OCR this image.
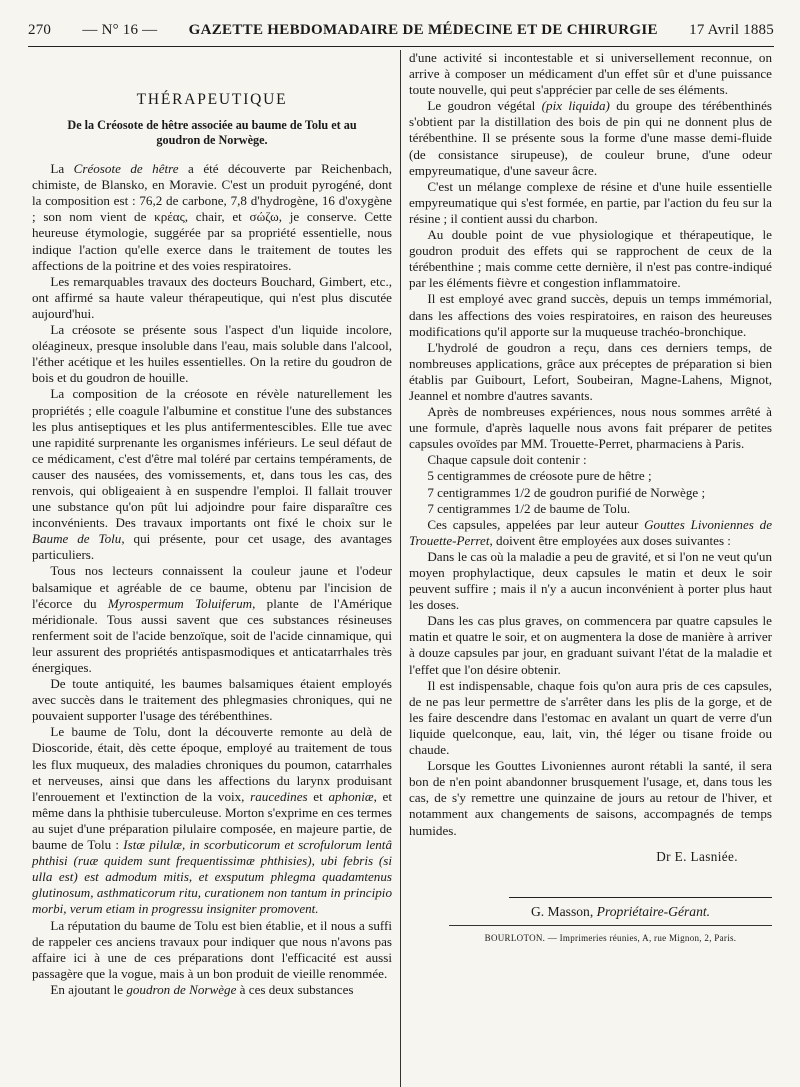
270 — N° 16 — GAZETTE HEBDOMADAIRE DE MÉDECINE ET DE CHIRURGIE 17 Avril 1885
THÉRAPEUTIQUE
De la Créosote de hêtre associée au baume de Tolu et au goudron de Norwège.

La Créosote de hêtre a été découverte par Reichenbach, chimiste, de Blansko, en Moravie. C'est un produit pyrogéné, dont la composition est : 76,2 de carbone, 7,8 d'hydrogène, 16 d'oxygène ; son nom vient de κρέας, chair, et σώζω, je conserve. Cette heureuse étymologie, suggérée par sa propriété essentielle, nous indique l'action qu'elle exerce dans le traitement de toutes les affections de la poitrine et des voies respiratoires.

Les remarquables travaux des docteurs Bouchard, Gimbert, etc., ont affirmé sa haute valeur thérapeutique, qui n'est plus discutée aujourd'hui.

La créosote se présente sous l'aspect d'un liquide incolore, oléagineux, presque insoluble dans l'eau, mais soluble dans l'alcool, l'éther acétique et les huiles essentielles. On la retire du goudron de bois et du goudron de houille.

La composition de la créosote en révèle naturellement les propriétés ; elle coagule l'albumine et constitue l'une des substances les plus antiseptiques et les plus antifermentescibles. Elle tue avec une rapidité surprenante les organismes inférieurs. Le seul défaut de ce médicament, c'est d'être mal toléré par certains tempéraments, de causer des nausées, des vomissements, et, dans tous les cas, des renvois, qui obligeaient à en suspendre l'emploi. Il fallait trouver une substance qu'on pût lui adjoindre pour faire disparaître ces inconvénients. Des travaux importants ont fixé le choix sur le Baume de Tolu, qui présente, pour cet usage, des avantages particuliers.

Tous nos lecteurs connaissent la couleur jaune et l'odeur balsamique et agréable de ce baume, obtenu par l'incision de l'écorce du Myrospermum Toluiferum, plante de l'Amérique méridionale. Tous aussi savent que ces substances résineuses renferment soit de l'acide benzoïque, soit de l'acide cinnamique, qui leur assurent des propriétés antispasmodiques et anticatarrhales très énergiques.

De toute antiquité, les baumes balsamiques étaient employés avec succès dans le traitement des phlegmasies chroniques, qui ne pouvaient supporter l'usage des térébenthines.

Le baume de Tolu, dont la découverte remonte au delà de Dioscoride, était, dès cette époque, employé au traitement de tous les flux muqueux, des maladies chroniques du poumon, catarrhales et nerveuses, ainsi que dans les affections du larynx produisant l'enrouement et l'extinction de la voix, raucedines et aphoniæ, et même dans la phthisie tuberculeuse. Morton s'exprime en ces termes au sujet d'une préparation pilulaire composée, en majeure partie, de baume de Tolu : Istæ pilulæ, in scorbuticorum et scrofulorum lentâ phthisi (ruæ quidem sunt frequentissimæ phthisies), ubi febris (si ulla est) est admodum mitis, et exsputum phlegma quadamtenus glutinosum, asthmaticorum ritu, curationem non tantum in principio morbi, verum etiam in progressu insigniter promovent.

La réputation du baume de Tolu est bien établie, et il nous a suffi de rappeler ces anciens travaux pour indiquer que nous n'avons pas affaire ici à une de ces préparations dont l'efficacité est aussi passagère que la vogue, mais à un bon produit de vieille renommée.

En ajoutant le goudron de Norwège à ces deux substances

d'une activité si incontestable et si universellement reconnue, on arrive à composer un médicament d'un effet sûr et d'une puissance toute nouvelle, qui peut s'apprécier par celle de ses éléments.

Le goudron végétal (pix liquida) du groupe des térébenthinés s'obtient par la distillation des bois de pin qui ne donnent plus de térébenthine. Il se présente sous la forme d'une masse demi-fluide (de consistance sirupeuse), de couleur brune, d'une odeur empyreumatique, d'une saveur âcre.

C'est un mélange complexe de résine et d'une huile essentielle empyreumatique qui s'est formée, en partie, par l'action du feu sur la résine ; il contient aussi du charbon.

Au double point de vue physiologique et thérapeutique, le goudron produit des effets qui se rapprochent de ceux de la térébenthine ; mais comme cette dernière, il n'est pas contre-indiqué par les éléments fièvre et congestion inflammatoire.

Il est employé avec grand succès, depuis un temps immémorial, dans les affections des voies respiratoires, en raison des heureuses modifications qu'il apporte sur la muqueuse trachéo-bronchique.

L'hydrolé de goudron a reçu, dans ces derniers temps, de nombreuses applications, grâce aux préceptes de préparation si bien établis par Guibourt, Lefort, Soubeiran, Magne-Lahens, Mignot, Jeannel et nombre d'autres savants.

Après de nombreuses expériences, nous nous sommes arrêté à une formule, d'après laquelle nous avons fait préparer de petites capsules ovoïdes par MM. Trouette-Perret, pharmaciens à Paris.

Chaque capsule doit contenir :

5 centigrammes de créosote pure de hêtre ;

7 centigrammes 1/2 de goudron purifié de Norwège ;

7 centigrammes 1/2 de baume de Tolu.

Ces capsules, appelées par leur auteur Gouttes Livoniennes de Trouette-Perret, doivent être employées aux doses suivantes :

Dans le cas où la maladie a peu de gravité, et si l'on ne veut qu'un moyen prophylactique, deux capsules le matin et deux le soir peuvent suffire ; mais il n'y a aucun inconvénient à porter plus haut les doses.

Dans les cas plus graves, on commencera par quatre capsules le matin et quatre le soir, et on augmentera la dose de manière à arriver à douze capsules par jour, en graduant suivant l'état de la maladie et l'effet que l'on désire obtenir.

Il est indispensable, chaque fois qu'on aura pris de ces capsules, de ne pas leur permettre de s'arrêter dans les plis de la gorge, et de les faire descendre dans l'estomac en avalant un quart de verre d'un liquide quelconque, eau, lait, vin, thé léger ou tisane froide ou chaude.

Lorsque les Gouttes Livoniennes auront rétabli la santé, il sera bon de n'en point abandonner brusquement l'usage, et, dans tous les cas, de s'y remettre une quinzaine de jours au retour de l'hiver, et notamment aux changements de saisons, accompagnés de temps humides.

Dr E. Lasniée.
G. Masson, Propriétaire-Gérant.
BOURLOTON. — Imprimeries réunies, A, rue Mignon, 2, Paris.
